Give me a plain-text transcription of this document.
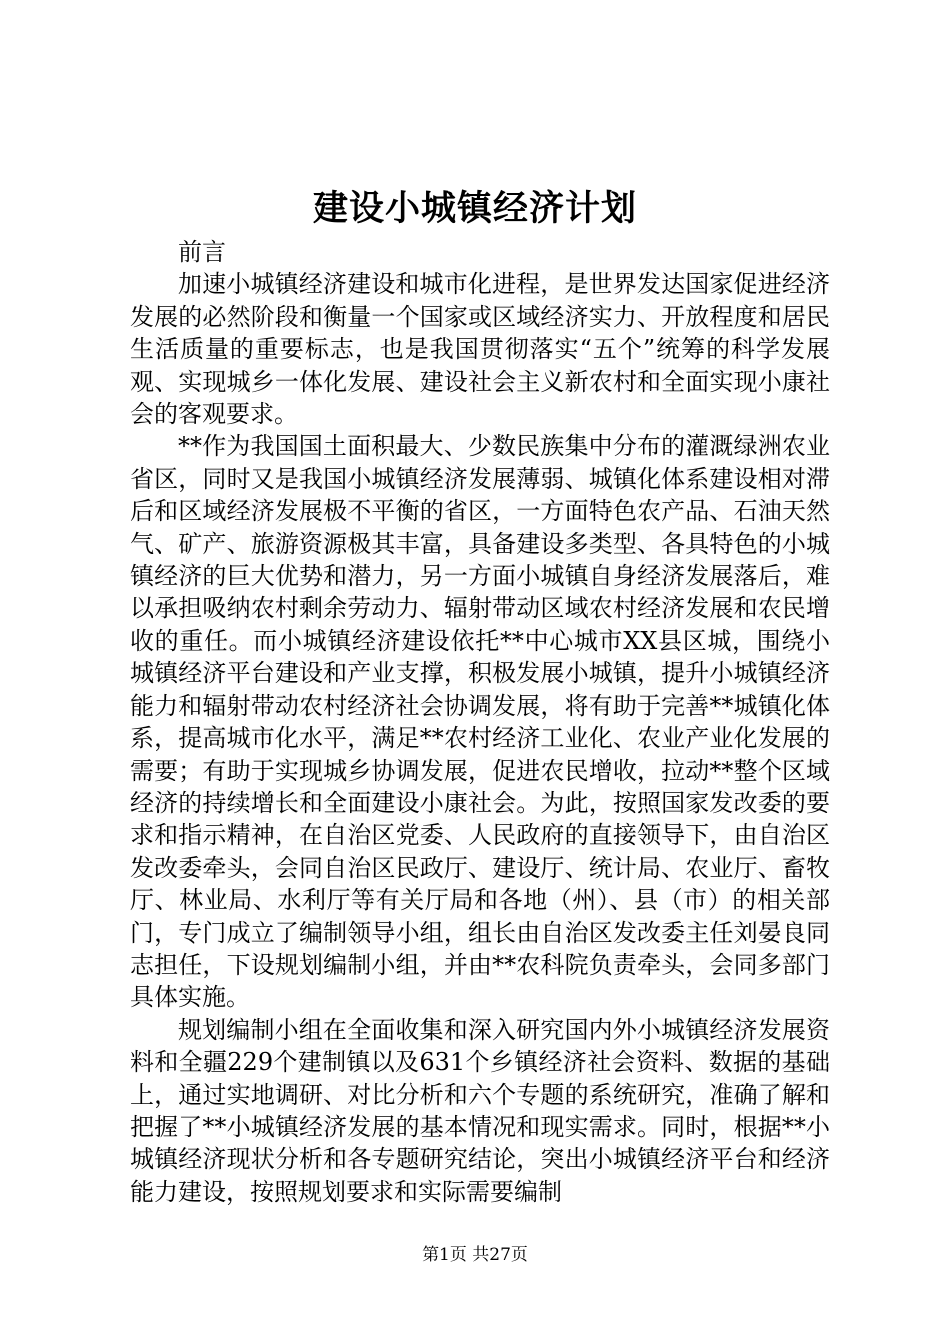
建设小城镇经济计划

前言

加速小城镇经济建设和城市化进程，是世界发达国家促进经济发展的必然阶段和衡量一个国家或区域经济实力、开放程度和居民生活质量的重要标志，也是我国贯彻落实“五个”统筹的科学发展观、实现城乡一体化发展、建设社会主义新农村和全面实现小康社会的客观要求。

**作为我国国土面积最大、少数民族集中分布的灌溉绿洲农业省区，同时又是我国小城镇经济发展薄弱、城镇化体系建设相对滞后和区域经济发展极不平衡的省区，一方面特色农产品、石油天然气、矿产、旅游资源极其丰富，具备建设多类型、各具特色的小城镇经济的巨大优势和潜力，另一方面小城镇自身经济发展落后，难以承担吸纳农村剩余劳动力、辐射带动区域农村经济发展和农民增收的重任。而小城镇经济建设依托**中心城市XX县区城，围绕小城镇经济平台建设和产业支撑，积极发展小城镇，提升小城镇经济能力和辐射带动农村经济社会协调发展，将有助于完善**城镇化体系，提高城市化水平，满足**农村经济工业化、农业产业化发展的需要；有助于实现城乡协调发展，促进农民增收，拉动**整个区域经济的持续增长和全面建设小康社会。为此，按照国家发改委的要求和指示精神，在自治区党委、人民政府的直接领导下，由自治区发改委牵头，会同自治区民政厅、建设厅、统计局、农业厅、畜牧厅、林业局、水利厅等有关厅局和各地（州）、县（市）的相关部门，专门成立了编制领导小组，组长由自治区发改委主任刘晏良同志担任，下设规划编制小组，并由**农科院负责牵头，会同多部门具体实施。

规划编制小组在全面收集和深入研究国内外小城镇经济发展资料和全疆229个建制镇以及631个乡镇经济社会资料、数据的基础上，通过实地调研、对比分析和六个专题的系统研究，准确了解和把握了**小城镇经济发展的基本情况和现实需求。同时，根据**小城镇经济现状分析和各专题研究结论，突出小城镇经济平台和经济能力建设，按照规划要求和实际需要编制

第1页 共27页
